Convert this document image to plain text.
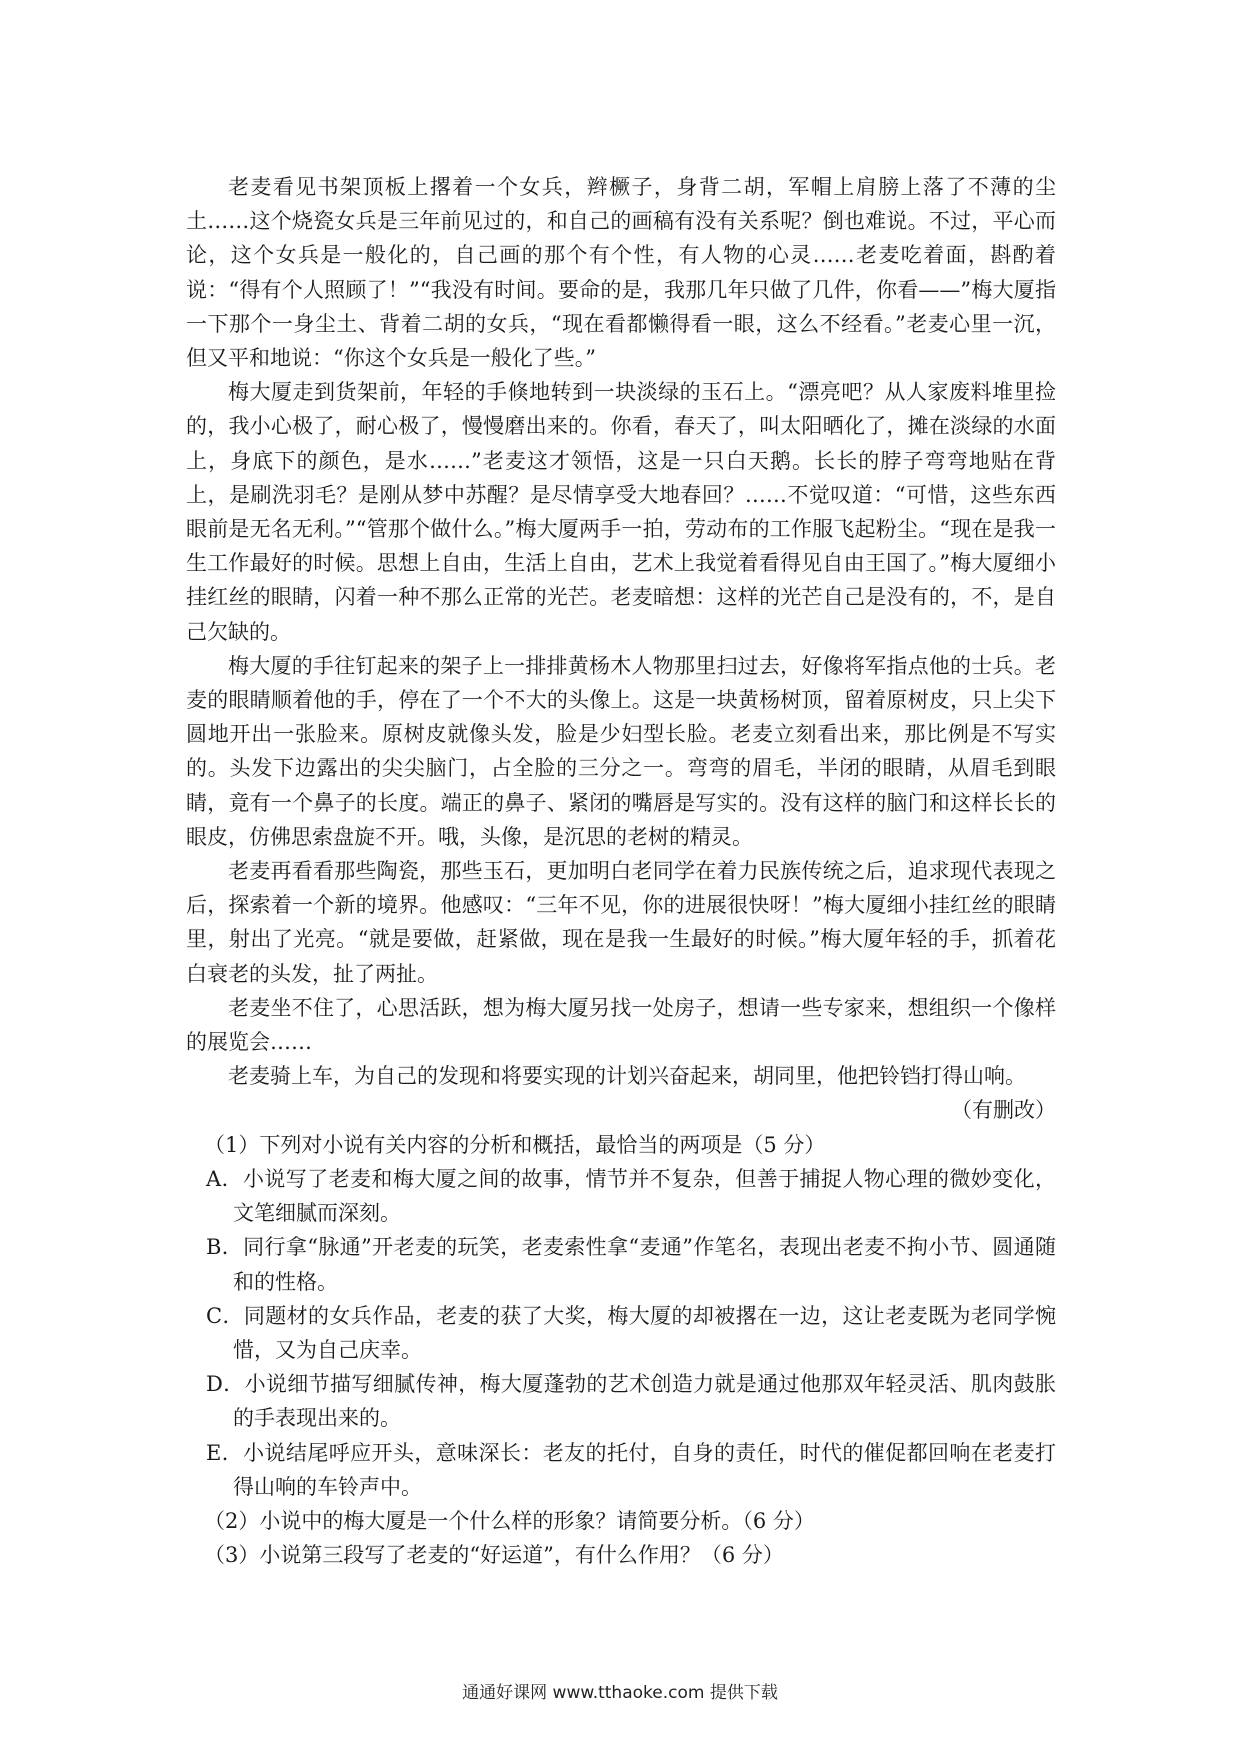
老麦看见书架顶板上撂着一个女兵，辫橛子，身背二胡，军帽上肩膀上落了不薄的尘土……这个烧瓷女兵是三年前见过的，和自己的画稿有没有关系呢？倒也难说。不过，平心而论，这个女兵是一般化的，自己画的那个有个性，有人物的心灵……老麦吃着面，斟酌着说：“得有个人照顾了！”“我没有时间。要命的是，我那几年只做了几件，你看——”梅大厦指一下那个一身尘土、背着二胡的女兵，“现在看都懒得看一眼，这么不经看。”老麦心里一沉，但又平和地说：“你这个女兵是一般化了些。”

梅大厦走到货架前，年轻的手倏地转到一块淡绿的玉石上。“漂亮吧？从人家废料堆里捡的，我小心极了，耐心极了，慢慢磨出来的。你看，春天了，叫太阳晒化了，摊在淡绿的水面上，身底下的颜色，是水……”老麦这才领悟，这是一只白天鹅。长长的脖子弯弯地贴在背上，是刷洗羽毛？是刚从梦中苏醒？是尽情享受大地春回？……不觉叹道：“可惜，这些东西眼前是无名无利。”“管那个做什么。”梅大厦两手一拍，劳动布的工作服飞起粉尘。“现在是我一生工作最好的时候。思想上自由，生活上自由，艺术上我觉着看得见自由王国了。”梅大厦细小挂红丝的眼睛，闪着一种不那么正常的光芒。老麦暗想：这样的光芒自己是没有的，不，是自己欠缺的。

梅大厦的手往钉起来的架子上一排排黄杨木人物那里扫过去，好像将军指点他的士兵。老麦的眼睛顺着他的手，停在了一个不大的头像上。这是一块黄杨树顶，留着原树皮，只上尖下圆地开出一张脸来。原树皮就像头发，脸是少妇型长脸。老麦立刻看出来，那比例是不写实的。头发下边露出的尖尖脑门，占全脸的三分之一。弯弯的眉毛，半闭的眼睛，从眉毛到眼睛，竟有一个鼻子的长度。端正的鼻子、紧闭的嘴唇是写实的。没有这样的脑门和这样长长的眼皮，仿佛思索盘旋不开。哦，头像，是沉思的老树的精灵。

老麦再看看那些陶瓷，那些玉石，更加明白老同学在着力民族传统之后，追求现代表现之后，探索着一个新的境界。他感叹：“三年不见，你的进展很快呀！”梅大厦细小挂红丝的眼睛里，射出了光亮。“就是要做，赶紧做，现在是我一生最好的时候。”梅大厦年轻的手，抓着花白衰老的头发，扯了两扯。

老麦坐不住了，心思活跃，想为梅大厦另找一处房子，想请一些专家来，想组织一个像样的展览会……

老麦骑上车，为自己的发现和将要实现的计划兴奋起来，胡同里，他把铃铛打得山响。

（有删改）

（1）下列对小说有关内容的分析和概括，最恰当的两项是（5 分）

A．小说写了老麦和梅大厦之间的故事，情节并不复杂，但善于捕捉人物心理的微妙变化，文笔细腻而深刻。

B．同行拿“脉通”开老麦的玩笑，老麦索性拿“麦通”作笔名，表现出老麦不拘小节、圆通随和的性格。

C．同题材的女兵作品，老麦的获了大奖，梅大厦的却被撂在一边，这让老麦既为老同学惋惜，又为自己庆幸。

D．小说细节描写细腻传神，梅大厦蓬勃的艺术创造力就是通过他那双年轻灵活、肌肉鼓胀的手表现出来的。

E．小说结尾呼应开头，意味深长：老友的托付，自身的责任，时代的催促都回响在老麦打得山响的车铃声中。

（2）小说中的梅大厦是一个什么样的形象？请简要分析。（6 分）

（3）小说第三段写了老麦的“好运道”，有什么作用？（6 分）

通通好课网 www.tthaoke.com 提供下载
